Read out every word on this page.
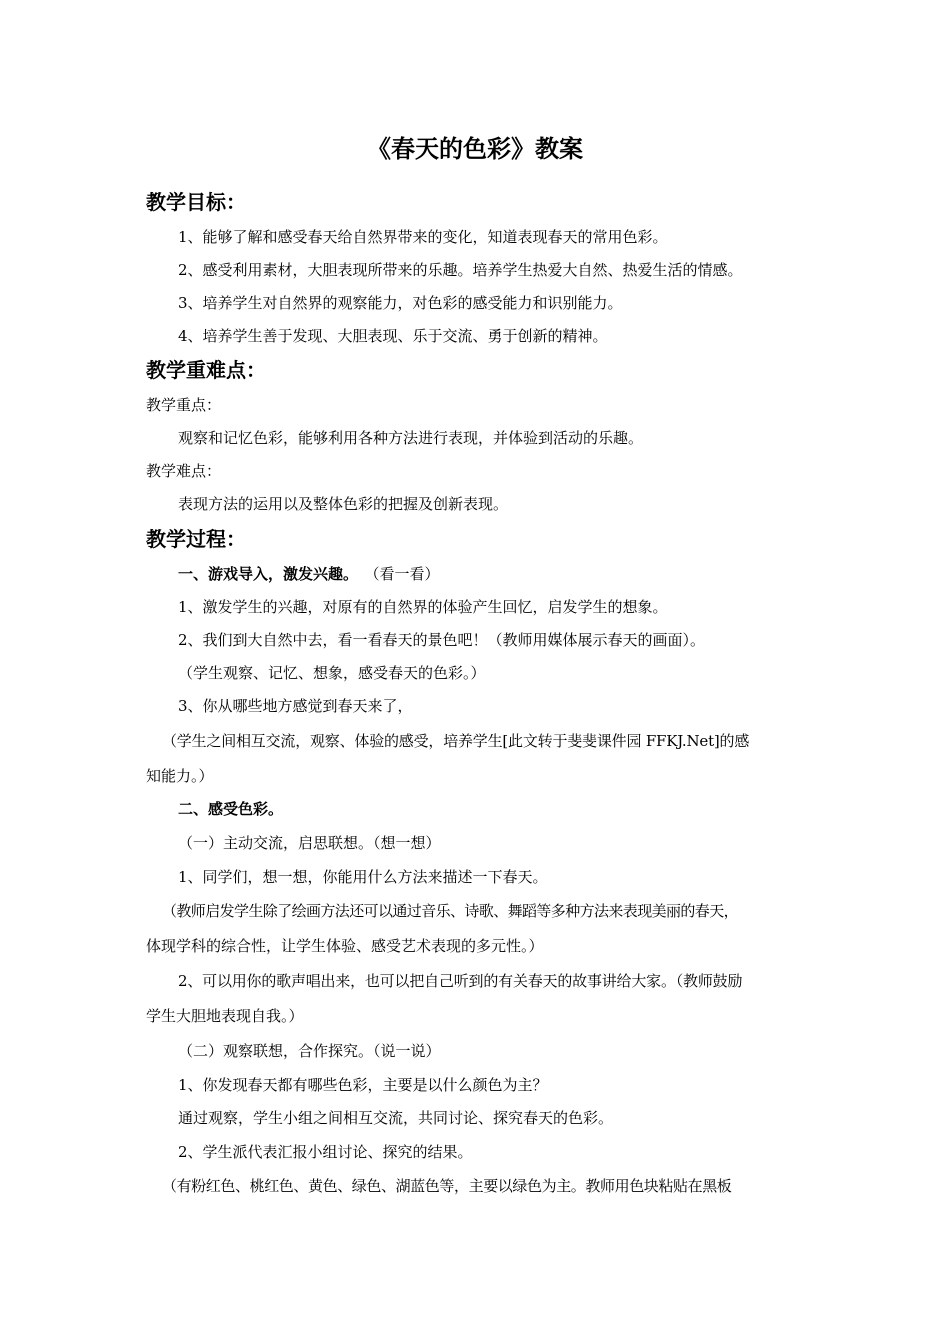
《春天的色彩》教案
教学目标：
1、能够了解和感受春天给自然界带来的变化，知道表现春天的常用色彩。
2、感受利用素材，大胆表现所带来的乐趣。培养学生热爱大自然、热爱生活的情感。
3、培养学生对自然界的观察能力，对色彩的感受能力和识别能力。
4、培养学生善于发现、大胆表现、乐于交流、勇于创新的精神。
教学重难点：
教学重点：
观察和记忆色彩，能够利用各种方法进行表现，并体验到活动的乐趣。
教学难点：
表现方法的运用以及整体色彩的把握及创新表现。
教学过程：
一、游戏导入，激发兴趣。 （看一看）
1、激发学生的兴趣，对原有的自然界的体验产生回忆，启发学生的想象。
2、我们到大自然中去，看一看春天的景色吧！（教师用媒体展示春天的画面）。
（学生观察、记忆、想象，感受春天的色彩。）
3、你从哪些地方感觉到春天来了，
（学生之间相互交流，观察、体验的感受，培养学生[此文转于斐斐课件园 FFKJ.Net]的感
知能力。）
二、感受色彩。
（一）主动交流，启思联想。（想一想）
1、同学们，想一想，你能用什么方法来描述一下春天。
（教师启发学生除了绘画方法还可以通过音乐、诗歌、舞蹈等多种方法来表现美丽的春天，
体现学科的综合性，让学生体验、感受艺术表现的多元性。）
2、可以用你的歌声唱出来，也可以把自己听到的有关春天的故事讲给大家。（教师鼓励
学生大胆地表现自我。）
（二）观察联想，合作探究。（说一说）
1、你发现春天都有哪些色彩，主要是以什么颜色为主？
通过观察，学生小组之间相互交流，共同讨论、探究春天的色彩。
2、学生派代表汇报小组讨论、探究的结果。
（有粉红色、桃红色、黄色、绿色、湖蓝色等，主要以绿色为主。教师用色块粘贴在黑板
